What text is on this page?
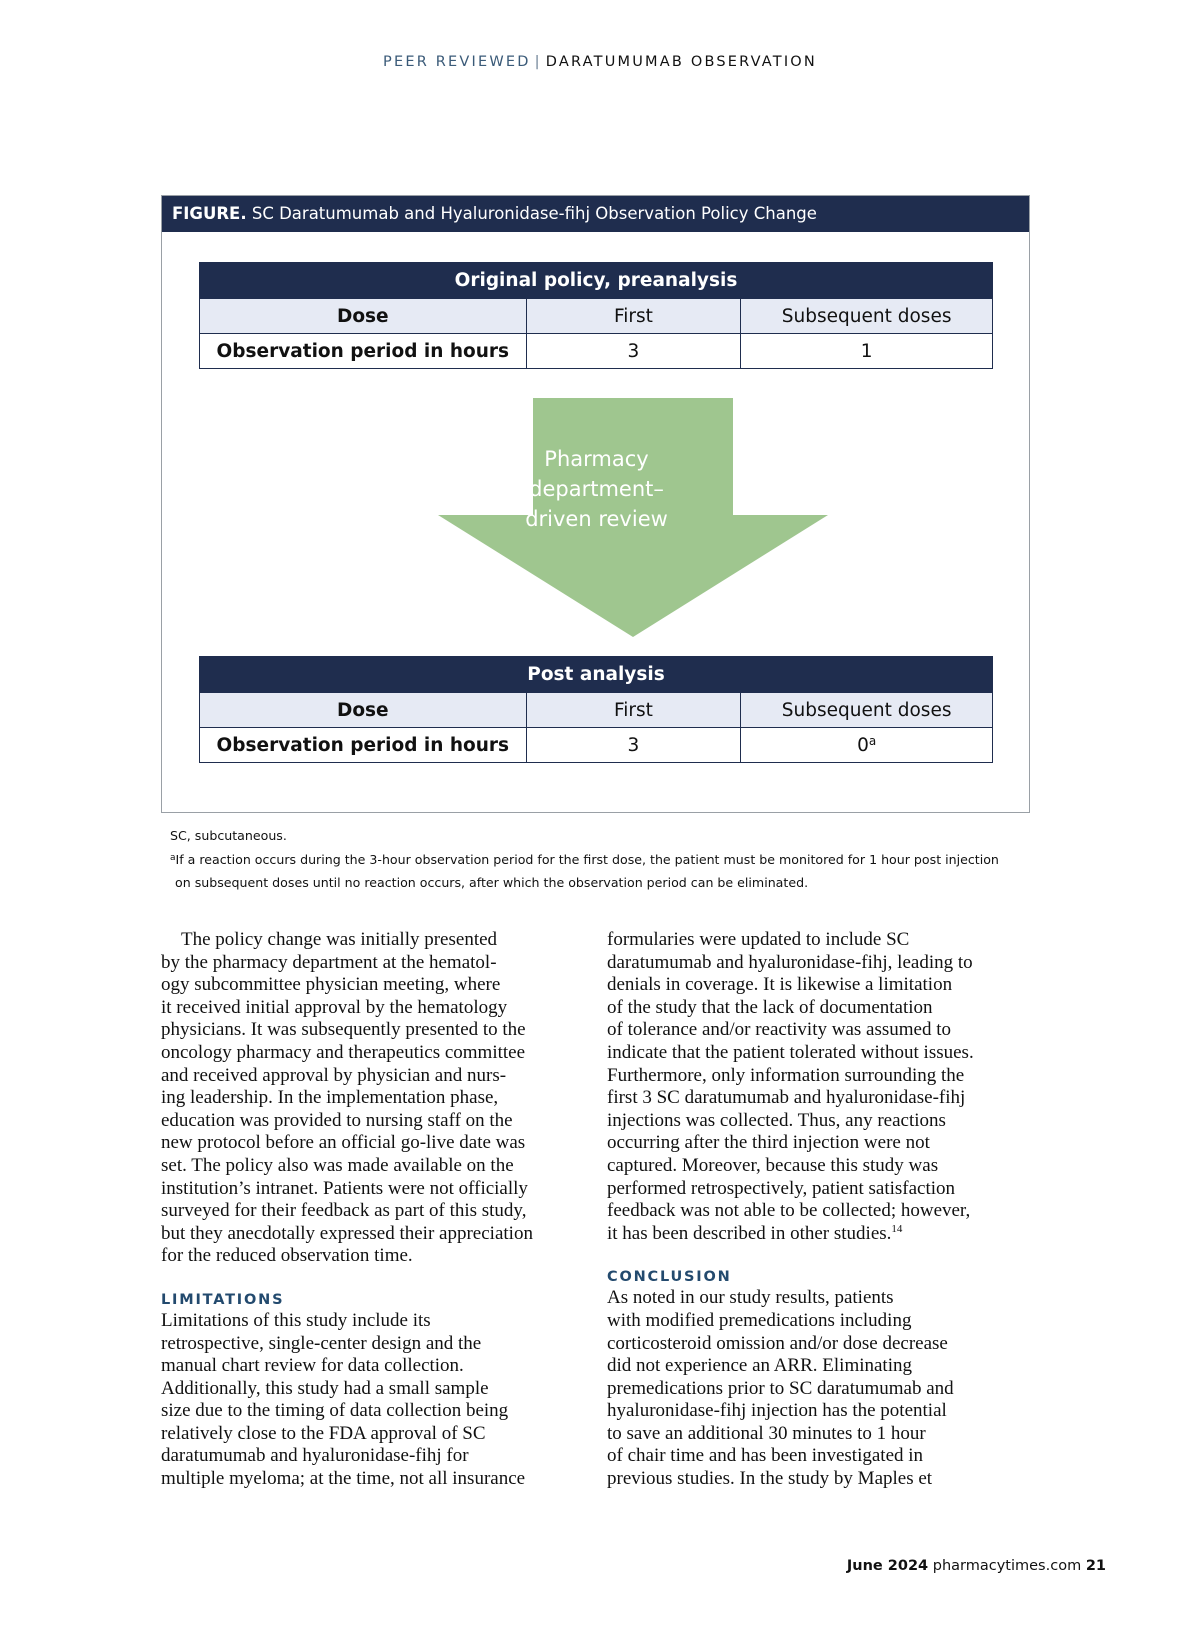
PEER REVIEWED | DARATUMUMAB OBSERVATION
FIGURE. SC Daratumumab and Hyaluronidase-fihj Observation Policy Change
Original policy, preanalysis		
Dose	First	Subsequent doses
Observation period in hours	3	1
Pharmacy
department–
driven review
Post analysis		
Dose	First	Subsequent doses
Observation period in hours	3	0$^a$
SC, subcutaneous.
$^a$If a reaction occurs during the 3-hour observation period for the first dose, the patient must be monitored for 1 hour post injection
on subsequent doses until no reaction occurs, after which the observation period can be eliminated.

The policy change was initially presented
by the pharmacy department at the hematol-
ogy subcommittee physician meeting, where
it received initial approval by the hematology
physicians. It was subsequently presented to the
oncology pharmacy and therapeutics committee
and received approval by physician and nurs-
ing leadership. In the implementation phase,
education was provided to nursing staff on the
new protocol before an official go-live date was
set. The policy also was made available on the
institution’s intranet. Patients were not officially
surveyed for their feedback as part of this study,
but they anecdotally expressed their appreciation
for the reduced observation time.

LIMITATIONS

Limitations of this study include its
retrospective, single-center design and the
manual chart review for data collection.
Additionally, this study had a small sample
size due to the timing of data collection being
relatively close to the FDA approval of SC
daratumumab and hyaluronidase-fihj for
multiple myeloma; at the time, not all insurance

formularies were updated to include SC
daratumumab and hyaluronidase-fihj, leading to
denials in coverage. It is likewise a limitation
of the study that the lack of documentation
of tolerance and/or reactivity was assumed to
indicate that the patient tolerated without issues.
Furthermore, only information surrounding the
first 3 SC daratumumab and hyaluronidase-fihj
injections was collected. Thus, any reactions
occurring after the third injection were not
captured. Moreover, because this study was
performed retrospectively, patient satisfaction
feedback was not able to be collected; however,
it has been described in other studies.$^{14}$

CONCLUSION

As noted in our study results, patients
with modified premedications including
corticosteroid omission and/or dose decrease
did not experience an ARR. Eliminating
premedications prior to SC daratumumab and
hyaluronidase-fihj injection has the potential
to save an additional 30 minutes to 1 hour
of chair time and has been investigated in
previous studies. In the study by Maples et

June 2024 pharmacytimes.com 21
